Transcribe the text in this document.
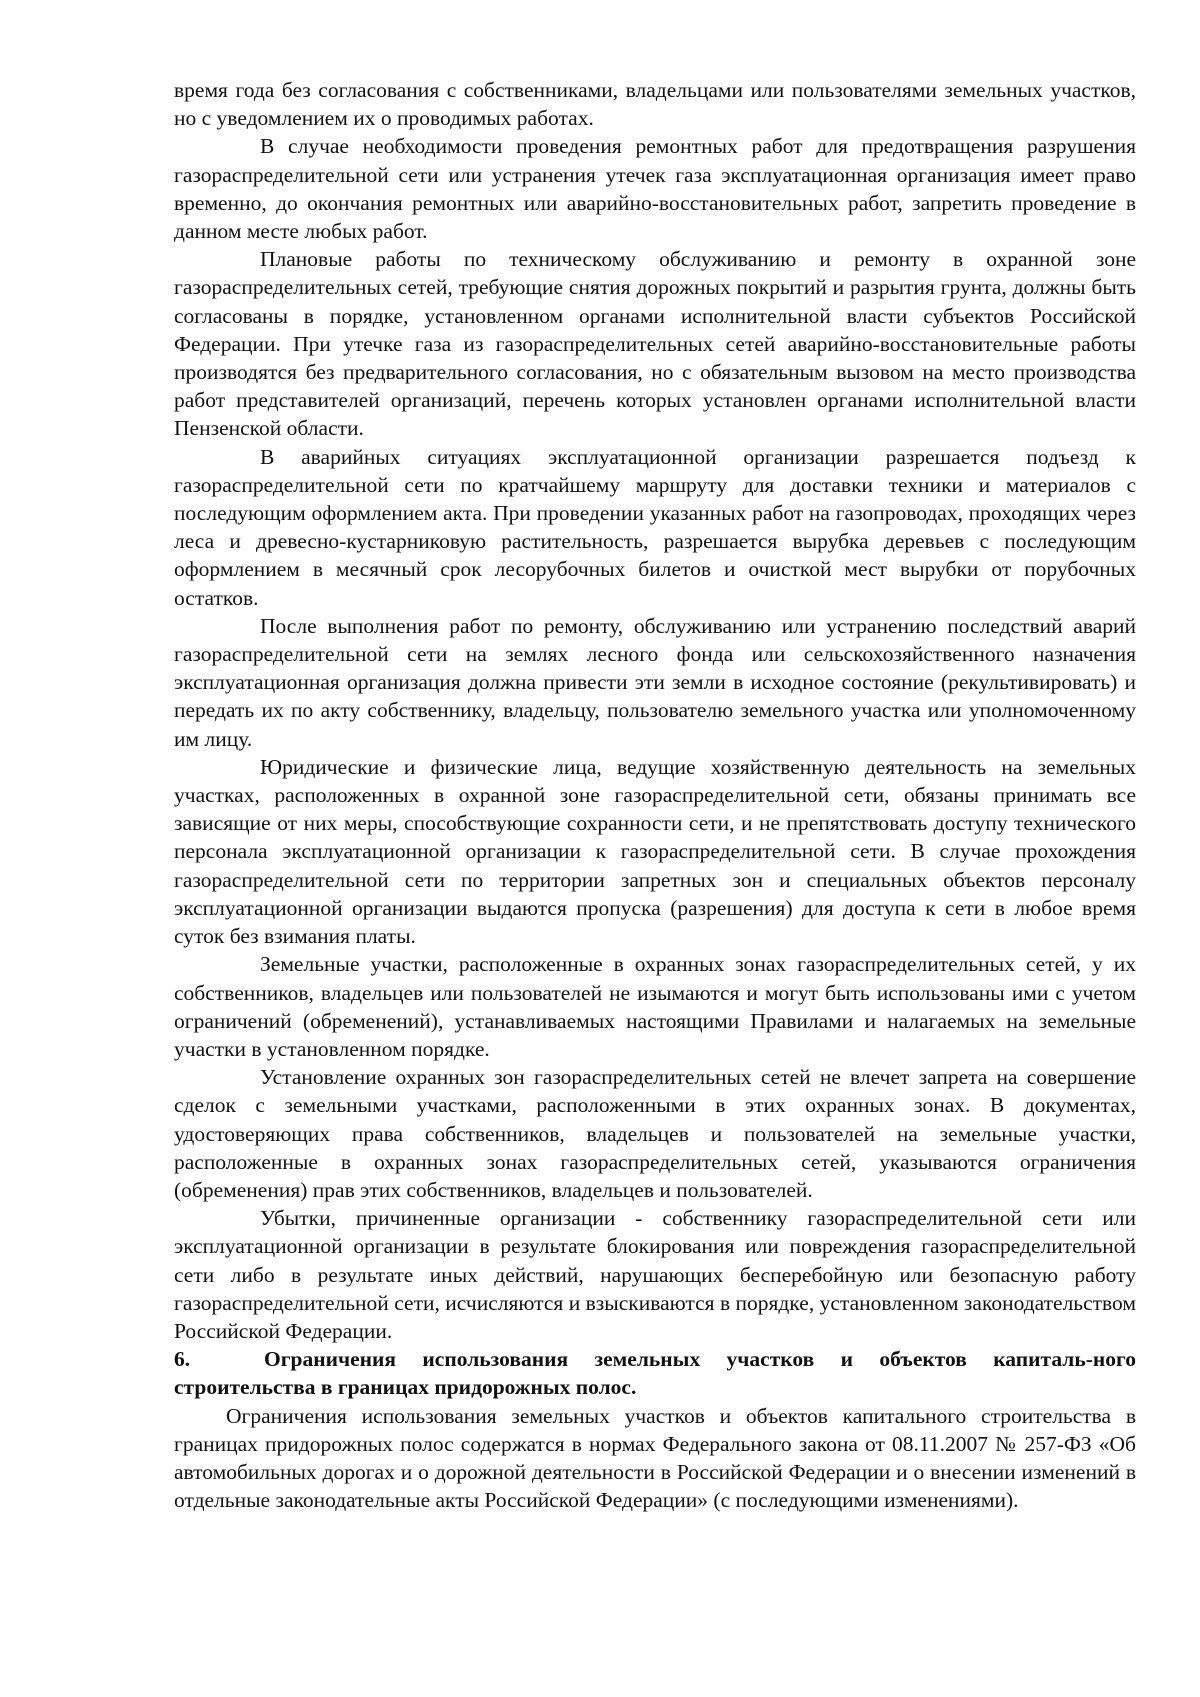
время года без согласования с собственниками, владельцами или пользователями земельных участков, но с уведомлением их о проводимых работах.

В случае необходимости проведения ремонтных работ для предотвращения разрушения газораспределительной сети или устранения утечек газа эксплуатационная организация имеет право временно, до окончания ремонтных или аварийно-восстановительных работ, запретить проведение в данном месте любых работ.

Плановые работы по техническому обслуживанию и ремонту в охранной зоне газораспределительных сетей, требующие снятия дорожных покрытий и разрытия грунта, должны быть согласованы в порядке, установленном органами исполнительной власти субъектов Российской Федерации. При утечке газа из газораспределительных сетей аварийно-восстановительные работы производятся без предварительного согласования, но с обязательным вызовом на место производства работ представителей организаций, перечень которых установлен органами исполнительной власти Пензенской области.

В аварийных ситуациях эксплуатационной организации разрешается подъезд к газораспределительной сети по кратчайшему маршруту для доставки техники и материалов с последующим оформлением акта. При проведении указанных работ на газопроводах, проходящих через леса и древесно-кустарниковую растительность, разрешается вырубка деревьев с последующим оформлением в месячный срок лесорубочных билетов и очисткой мест вырубки от порубочных остатков.

После выполнения работ по ремонту, обслуживанию или устранению последствий аварий газораспределительной сети на землях лесного фонда или сельскохозяйственного назначения эксплуатационная организация должна привести эти земли в исходное состояние (рекультивировать) и передать их по акту собственнику, владельцу, пользователю земельного участка или уполномоченному им лицу.

Юридические и физические лица, ведущие хозяйственную деятельность на земельных участках, расположенных в охранной зоне газораспределительной сети, обязаны принимать все зависящие от них меры, способствующие сохранности сети, и не препятствовать доступу технического персонала эксплуатационной организации к газораспределительной сети. В случае прохождения газораспределительной сети по территории запретных зон и специальных объектов персоналу эксплуатационной организации выдаются пропуска (разрешения) для доступа к сети в любое время суток без взимания платы.

Земельные участки, расположенные в охранных зонах газораспределительных сетей, у их собственников, владельцев или пользователей не изымаются и могут быть использованы ими с учетом ограничений (обременений), устанавливаемых настоящими Правилами и налагаемых на земельные участки в установленном порядке.

Установление охранных зон газораспределительных сетей не влечет запрета на совершение сделок с земельными участками, расположенными в этих охранных зонах. В документах, удостоверяющих права собственников, владельцев и пользователей на земельные участки, расположенные в охранных зонах газораспределительных сетей, указываются ограничения (обременения) прав этих собственников, владельцев и пользователей.

Убытки, причиненные организации - собственнику газораспределительной сети или эксплуатационной организации в результате блокирования или повреждения газораспределительной сети либо в результате иных действий, нарушающих бесперебойную или безопасную работу газораспределительной сети, исчисляются и взыскиваются в порядке, установленном законодательством Российской Федерации.

6.	Ограничения использования земельных участков и объектов капиталь-ного строительства в границах придорожных полос.

Ограничения использования земельных участков и объектов капитального строительства в границах придорожных полос содержатся в нормах Федерального закона от 08.11.2007 № 257-ФЗ «Об автомобильных дорогах и о дорожной деятельности в Российской Федерации и о внесении изменений в отдельные законодательные акты Российской Федерации» (с последующими изменениями).
